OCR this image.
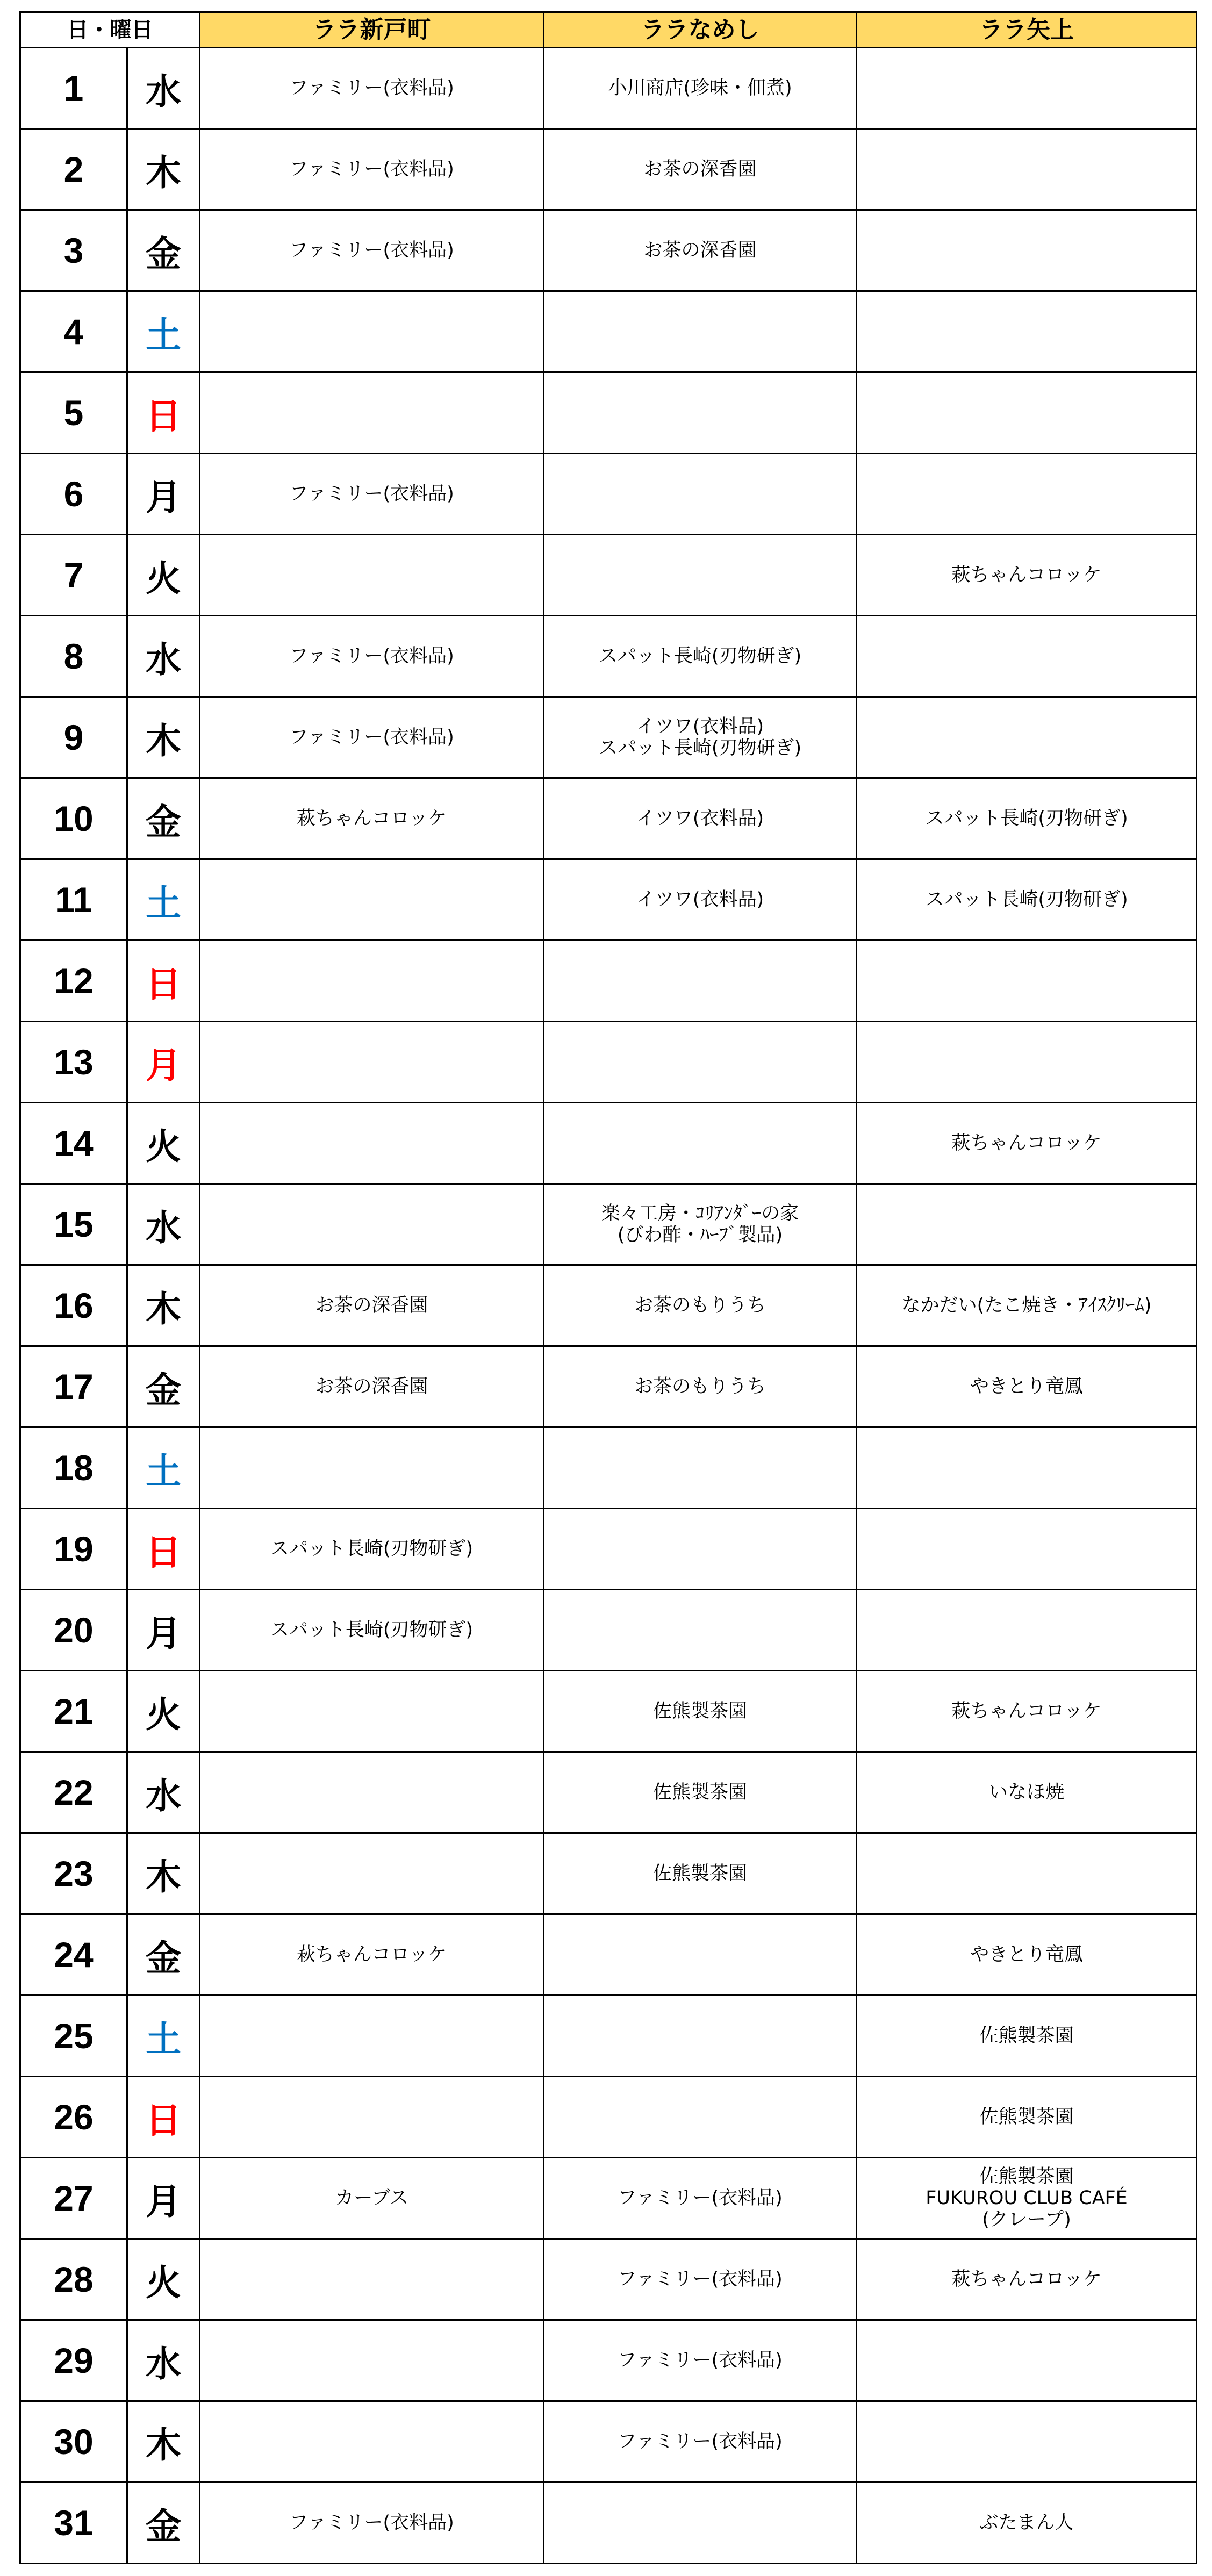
日・曜日		ララ新戸町	ララなめし	ララ矢上
1	水	ファミリー(衣料品)	小川商店(珍味・佃煮)	
2	木	ファミリー(衣料品)	お茶の深香園	
3	金	ファミリー(衣料品)	お茶の深香園	
4	土			
5	日			
6	月	ファミリー(衣料品)		
7	火			萩ちゃんコロッケ
8	水	ファミリー(衣料品)	スパット長崎(刃物研ぎ)	
9	木	ファミリー(衣料品)	イツワ(衣料品)
スパット長崎(刃物研ぎ)	
10	金	萩ちゃんコロッケ	イツワ(衣料品)	スパット長崎(刃物研ぎ)
11	土		イツワ(衣料品)	スパット長崎(刃物研ぎ)
12	日			
13	月			
14	火			萩ちゃんコロッケ
15	水		楽々工房・ｺﾘｱﾝﾀﾞｰの家
(びわ酢・ﾊｰﾌﾞ製品)	
16	木	お茶の深香園	お茶のもりうち	なかだい(たこ焼き・ｱｲｽｸﾘｰﾑ)
17	金	お茶の深香園	お茶のもりうち	やきとり竜鳳
18	土			
19	日	スパット長崎(刃物研ぎ)		
20	月	スパット長崎(刃物研ぎ)		
21	火		佐熊製茶園	萩ちゃんコロッケ
22	水		佐熊製茶園	いなほ焼
23	木		佐熊製茶園	
24	金	萩ちゃんコロッケ		やきとり竜鳳
25	土			佐熊製茶園
26	日			佐熊製茶園
27	月	カーブス	ファミリー(衣料品)	佐熊製茶園
FUKUROU CLUB CAFÉ
(クレープ)
28	火		ファミリー(衣料品)	萩ちゃんコロッケ
29	水		ファミリー(衣料品)	
30	木		ファミリー(衣料品)	
31	金	ファミリー(衣料品)		ぶたまん人
